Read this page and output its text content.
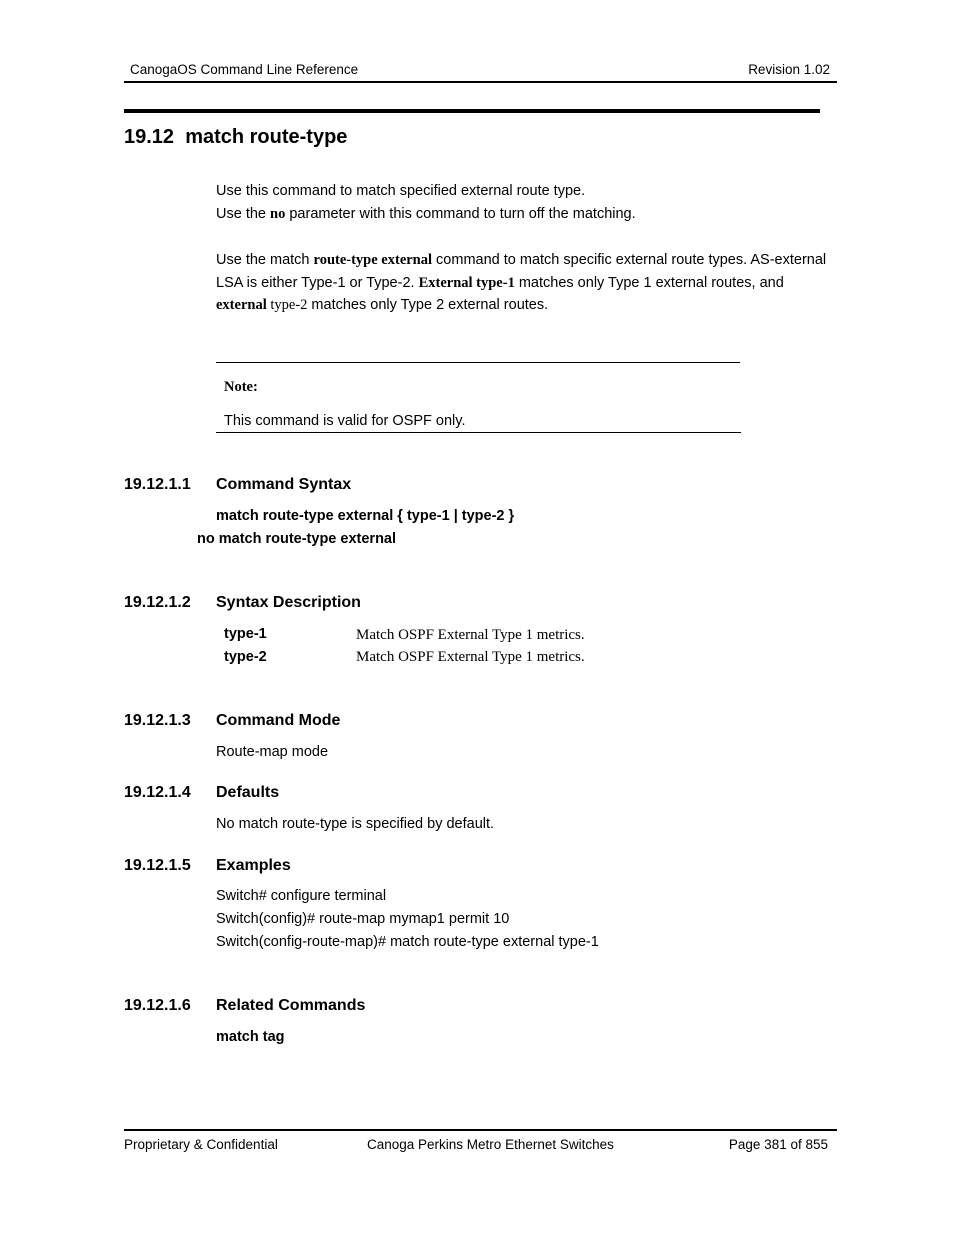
CanogaOS Command Line Reference	Revision 1.02
19.12 match route-type
Use this command to match specified external route type.
Use the no parameter with this command to turn off the matching.
Use the match route-type external command to match specific external route types. AS-external
LSA is either Type-1 or Type-2. External type-1 matches only Type 1 external routes, and
external type-2 matches only Type 2 external routes.
Note:
This command is valid for OSPF only.
19.12.1.1 Command Syntax
match route-type external { type-1 | type-2 }
no match route-type external
19.12.1.2 Syntax Description
type-1	Match OSPF External Type 1 metrics.
type-2	Match OSPF External Type 1 metrics.
19.12.1.3 Command Mode
Route-map mode
19.12.1.4 Defaults
No match route-type is specified by default.
19.12.1.5 Examples
Switch# configure terminal
Switch(config)# route-map mymap1 permit 10
Switch(config-route-map)# match route-type external type-1
19.12.1.6 Related Commands
match tag
Proprietary & Confidential	Canoga Perkins Metro Ethernet Switches	Page 381 of 855
